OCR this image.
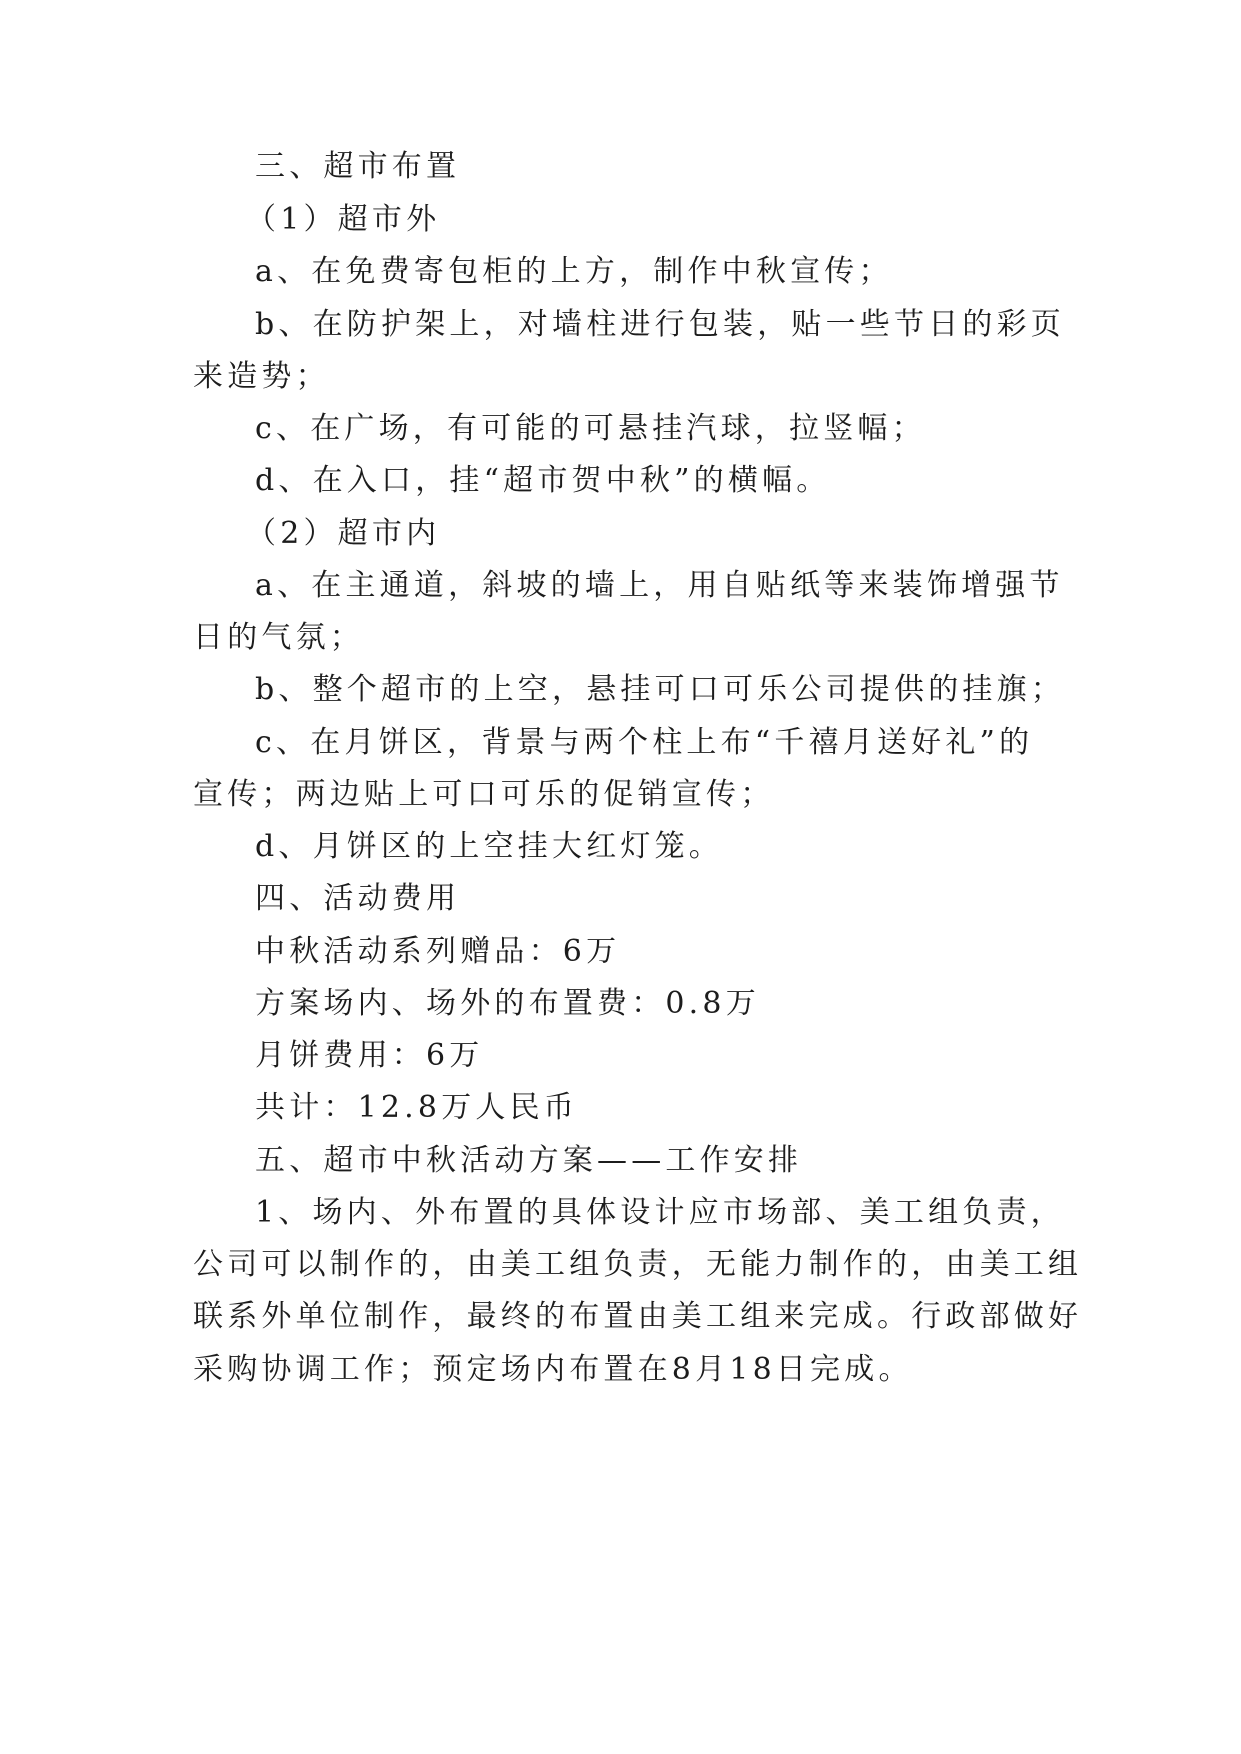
三、超市布置
（1）超市外
a、在免费寄包柜的上方，制作中秋宣传；
b、在防护架上，对墙柱进行包装，贴一些节日的彩页
来造势；
c、在广场，有可能的可悬挂汽球，拉竖幅；
d、在入口，挂“超市贺中秋”的横幅。
（2）超市内
a、在主通道，斜坡的墙上，用自贴纸等来装饰增强节
日的气氛；
b、整个超市的上空，悬挂可口可乐公司提供的挂旗；
c、在月饼区，背景与两个柱上布“千禧月送好礼”的
宣传；两边贴上可口可乐的促销宣传；
d、月饼区的上空挂大红灯笼。
四、活动费用
中秋活动系列赠品：6万
方案场内、场外的布置费：0.8万
月饼费用：6万
共计：12.8万人民币
五、超市中秋活动方案——工作安排
1、场内、外布置的具体设计应市场部、美工组负责，
公司可以制作的，由美工组负责，无能力制作的，由美工组
联系外单位制作，最终的布置由美工组来完成。行政部做好
采购协调工作；预定场内布置在8月18日完成。
